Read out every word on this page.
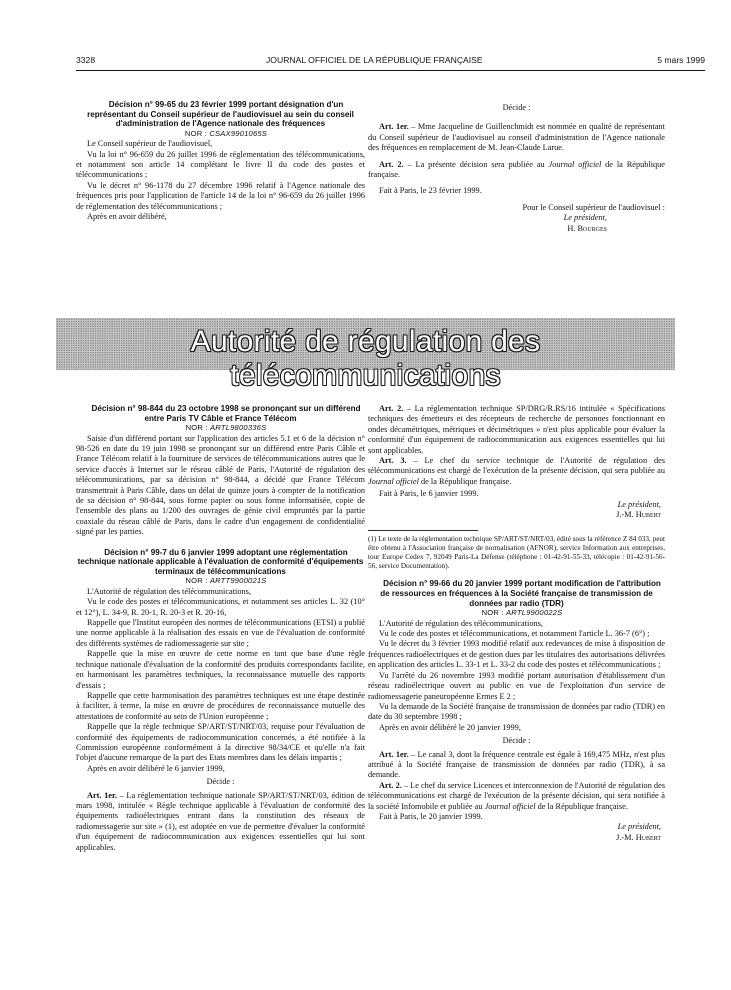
3328	JOURNAL OFFICIEL DE LA RÉPUBLIQUE FRANÇAISE	5 mars 1999

Décision n° 99-65 du 23 février 1999 portant désignation d'un représentant du Conseil supérieur de l'audiovisuel au sein du conseil d'administration de l'Agence nationale des fréquences

NOR : CSAX9901065S

Le Conseil supérieur de l'audiovisuel,

Vu la loi n° 96-659 du 26 juillet 1996 de réglementation des télécommunications, et notamment son article 14 complétant le livre II du code des postes et télécommunications ;

Vu le décret n° 96-1178 du 27 décembre 1996 relatif à l'Agence nationale des fréquences pris pour l'application de l'article 14 de la loi n° 96-659 du 26 juillet 1996 de réglementation des télécommunications ;

Après en avoir délibéré,

Décide :

Art. 1er. – Mme Jacqueline de Guillenchmidt est nommée en qualité de représentant du Conseil supérieur de l'audiovisuel au conseil d'administration de l'Agence nationale des fréquences en remplacement de M. Jean-Claude Larue.

Art. 2. – La présente décision sera publiée au Journal officiel de la République française.

Fait à Paris, le 23 février 1999.

Pour le Conseil supérieur de l'audiovisuel :

Le président,

H. Bourges

Autorité de régulation des télécommunications

Décision n° 98-844 du 23 octobre 1998 se prononçant sur un différend entre Paris TV Câble et France Télécom

NOR : ARTL9800336S

Saisie d'un différend portant sur l'application des articles 5.1 et 6 de la décision n° 98-526 en date du 19 juin 1998 se prononçant sur un différend entre Paris Câble et France Télécom relatif à la fourniture de services de télécommunications autres que le service d'accès à Internet sur le réseau câblé de Paris, l'Autorité de régulation des télécommunications, par sa décision n° 98-844, a décidé que France Télécom transmettrait à Paris Câble, dans un délai de quinze jours à compter de la notification de sa décision n° 98-844, sous forme papier ou sous forme informatisée, copie de l'ensemble des plans au 1/200 des ouvrages de génie civil empruntés par la partie coaxiale du réseau câblé de Paris, dans le cadre d'un engagement de confidentialité signé par les parties.

Décision n° 99-7 du 6 janvier 1999 adoptant une réglementation technique nationale applicable à l'évaluation de conformité d'équipements terminaux de télécommunications

NOR : ARTT9900021S

L'Autorité de régulation des télécommunications,

Vu le code des postes et télécommunications, et notamment ses articles L. 32 (10° et 12°), L. 34-9, R. 20-1, R. 20-3 et R. 20-16,

Rappelle que l'Institut européen des normes de télécommunications (ETSI) a publié une norme applicable à la réalisation des essais en vue de l'évaluation de conformité des différents systèmes de radiomessagerie sur site ;

Rappelle que la mise en œuvre de cette norme en tant que base d'une règle technique nationale d'évaluation de la conformité des produits correspondants facilite, en harmonisant les paramètres techniques, la reconnaissance mutuelle des rapports d'essais ;

Rappelle que cette harmonisation des paramètres techniques est une étape destinée à faciliter, à terme, la mise en œuvre de procédures de reconnaissance mutuelle des attestations de conformité au sein de l'Union européenne ;

Rappelle que la règle technique SP/ART/ST/NRT/03, requise pour l'évaluation de conformité des équipements de radiocommunication concernés, a été notifiée à la Commission européenne conformément à la directive 98/34/CE et qu'elle n'a fait l'objet d'aucune remarque de la part des Etats membres dans les délais impartis ;

Après en avoir délibéré le 6 janvier 1999,

Décide :

Art. 1er. – La réglementation technique nationale SP/ART/ST/NRT/03, édition de mars 1998, intitulée « Règle technique applicable à l'évaluation de conformité des équipements radioélectriques entrant dans la constitution des réseaux de radiomessagerie sur site » (1), est adoptée en vue de permettre d'évaluer la conformité d'un équipement de radiocommunication aux exigences essentielles qui lui sont applicables.

Art. 2. – La réglementation technique SP/DRG/R.RS/16 intitulée « Spécifications techniques des émetteurs et des récepteurs de recherche de personnes fonctionnant en ondes décamétriques, métriques et décimétriques » n'est plus applicable pour évaluer la conformité d'un équipement de radiocommunication aux exigences essentielles qui lui sont applicables.

Art. 3. – Le chef du service technique de l'Autorité de régulation des télécommunications est chargé de l'exécution de la présente décision, qui sera publiée au Journal officiel de la République française.

Fait à Paris, le 6 janvier 1999.

Le président,

J.-M. Hubert

(1) Le texte de la réglementation technique SP/ART/ST/NRT/03, édité sous la référence Z 84 033, peut être obtenu à l'Association française de normalisation (AFNOR), service Information aux entreprises, tour Europe Cedex 7, 92049 Paris-La Défense (téléphone : 01-42-91-55-33, télécopie : 01-42-91-56-56, service Documentation).

Décision n° 99-66 du 20 janvier 1999 portant modification de l'attribution de ressources en fréquences à la Société française de transmission de données par radio (TDR)

NOR : ARTL9900022S

L'Autorité de régulation des télécommunications,

Vu le code des postes et télécommunications, et notamment l'article L. 36-7 (6°) ;

Vu le décret du 3 février 1993 modifié relatif aux redevances de mise à disposition de fréquences radioélectriques et de gestion dues par les titulaires des autorisations délivrées en application des articles L. 33-1 et L. 33-2 du code des postes et télécommunications ;

Vu l'arrêté du 26 novembre 1993 modifié portant autorisation d'établissement d'un réseau radioélectrique ouvert au public en vue de l'exploitation d'un service de radiomessagerie paneuropéenne Ermes E 2 ;

Vu la demande de la Société française de transmission de données par radio (TDR) en date du 30 septembre 1998 ;

Après en avoir délibéré le 20 janvier 1999,

Décide :

Art. 1er. – Le canal 3, dont la fréquence centrale est égale à 169,475 MHz, n'est plus attribué à la Société française de transmission de données par radio (TDR), à sa demande.

Art. 2. – Le chef du service Licences et interconnexion de l'Autorité de régulation des télécommunications est chargé de l'exécution de la présente décision, qui sera notifiée à la société Infomobile et publiée au Journal officiel de la République française.

Fait à Paris, le 20 janvier 1999.

Le président,

J.-M. Hubert
